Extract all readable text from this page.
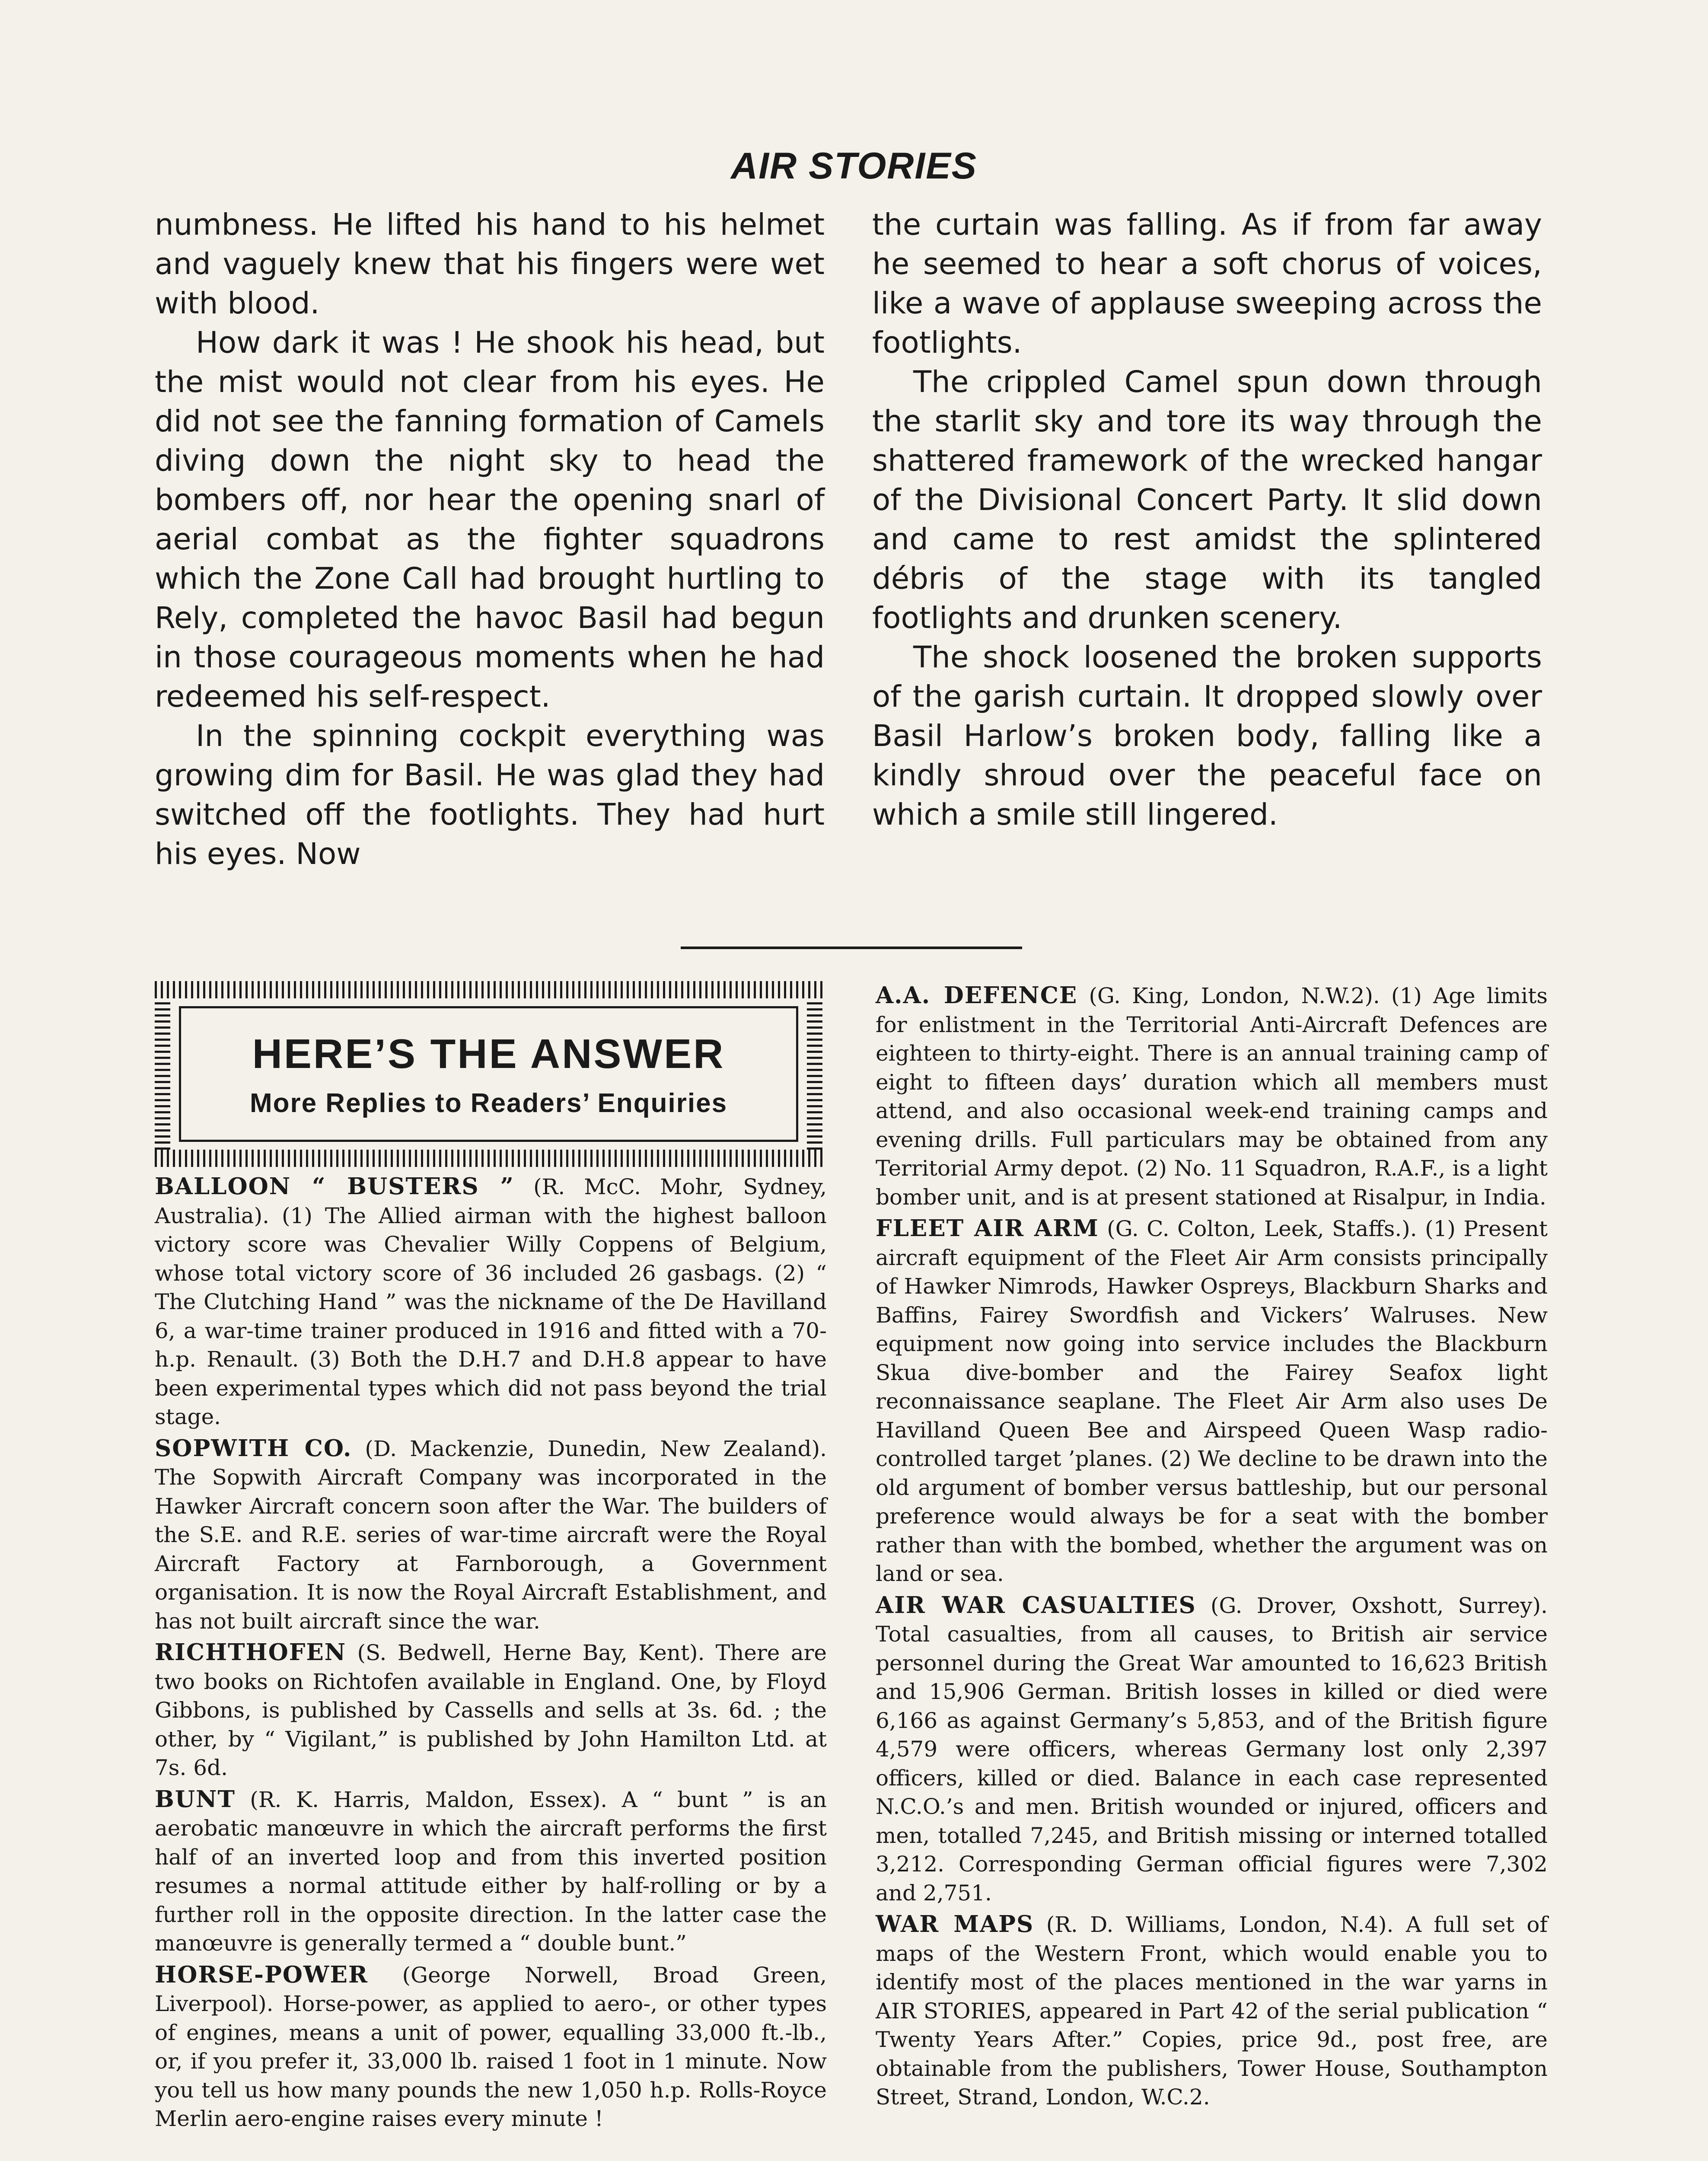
AIR STORIES

numbness. He lifted his hand to his helmet and vaguely knew that his fingers were wet with blood.

How dark it was ! He shook his head, but the mist would not clear from his eyes. He did not see the fanning formation of Camels diving down the night sky to head the bombers off, nor hear the opening snarl of aerial combat as the fighter squadrons which the Zone Call had brought hurtling to Rely, completed the havoc Basil had begun in those courageous moments when he had redeemed his self-respect.

In the spinning cockpit everything was growing dim for Basil. He was glad they had switched off the footlights. They had hurt his eyes. Now

the curtain was falling. As if from far away he seemed to hear a soft chorus of voices, like a wave of applause sweeping across the footlights.

The crippled Camel spun down through the starlit sky and tore its way through the shattered framework of the wrecked hangar of the Divisional Concert Party. It slid down and came to rest amidst the splintered débris of the stage with its tangled footlights and drunken scenery.

The shock loosened the broken supports of the garish curtain. It dropped slowly over Basil Harlow’s broken body, falling like a kindly shroud over the peaceful face on which a smile still lingered.

HERE’S THE ANSWER
More Replies to Readers’ Enquiries

BALLOON “ BUSTERS ” (R. McC. Mohr, Sydney, Australia). (1) The Allied airman with the highest balloon victory score was Chevalier Willy Coppens of Belgium, whose total victory score of 36 included 26 gasbags. (2) “ The Clutching Hand ” was the nickname of the De Havilland 6, a war-time trainer produced in 1916 and fitted with a 70-h.p. Renault. (3) Both the D.H.7 and D.H.8 appear to have been experimental types which did not pass beyond the trial stage.

SOPWITH CO. (D. Mackenzie, Dunedin, New Zealand). The Sopwith Aircraft Company was incorporated in the Hawker Aircraft concern soon after the War. The builders of the S.E. and R.E. series of war-time aircraft were the Royal Aircraft Factory at Farnborough, a Government organisation. It is now the Royal Aircraft Establishment, and has not built aircraft since the war.

RICHTHOFEN (S. Bedwell, Herne Bay, Kent). There are two books on Richtofen available in England. One, by Floyd Gibbons, is published by Cassells and sells at 3s. 6d. ; the other, by “ Vigilant,” is published by John Hamilton Ltd. at 7s. 6d.

BUNT (R. K. Harris, Maldon, Essex). A “ bunt ” is an aerobatic manœuvre in which the aircraft performs the first half of an inverted loop and from this inverted position resumes a normal attitude either by half-rolling or by a further roll in the opposite direction. In the latter case the manœuvre is generally termed a “ double bunt.”

HORSE-POWER (George Norwell, Broad Green, Liverpool). Horse-power, as applied to aero-, or other types of engines, means a unit of power, equalling 33,000 ft.-lb., or, if you prefer it, 33,000 lb. raised 1 foot in 1 minute. Now you tell us how many pounds the new 1,050 h.p. Rolls-Royce Merlin aero-engine raises every minute !

A.A. DEFENCE (G. King, London, N.W.2). (1) Age limits for enlistment in the Territorial Anti-Aircraft Defences are eighteen to thirty-eight. There is an annual training camp of eight to fifteen days’ duration which all members must attend, and also occasional week-end training camps and evening drills. Full particulars may be obtained from any Territorial Army depot. (2) No. 11 Squadron, R.A.F., is a light bomber unit, and is at present stationed at Risalpur, in India.

FLEET AIR ARM (G. C. Colton, Leek, Staffs.). (1) Present aircraft equipment of the Fleet Air Arm consists principally of Hawker Nimrods, Hawker Ospreys, Blackburn Sharks and Baffins, Fairey Swordfish and Vickers’ Walruses. New equipment now going into service includes the Blackburn Skua dive-bomber and the Fairey Seafox light reconnaissance seaplane. The Fleet Air Arm also uses De Havilland Queen Bee and Airspeed Queen Wasp radio-controlled target ’planes. (2) We decline to be drawn into the old argument of bomber versus battleship, but our personal preference would always be for a seat with the bomber rather than with the bombed, whether the argument was on land or sea.

AIR WAR CASUALTIES (G. Drover, Oxshott, Surrey). Total casualties, from all causes, to British air service personnel during the Great War amounted to 16,623 British and 15,906 German. British losses in killed or died were 6,166 as against Germany’s 5,853, and of the British figure 4,579 were officers, whereas Germany lost only 2,397 officers, killed or died. Balance in each case represented N.C.O.’s and men. British wounded or injured, officers and men, totalled 7,245, and British missing or interned totalled 3,212. Corresponding German official figures were 7,302 and 2,751.

WAR MAPS (R. D. Williams, London, N.4). A full set of maps of the Western Front, which would enable you to identify most of the places mentioned in the war yarns in AIR STORIES, appeared in Part 42 of the serial publication “ Twenty Years After.” Copies, price 9d., post free, are obtainable from the publishers, Tower House, Southampton Street, Strand, London, W.C.2.
